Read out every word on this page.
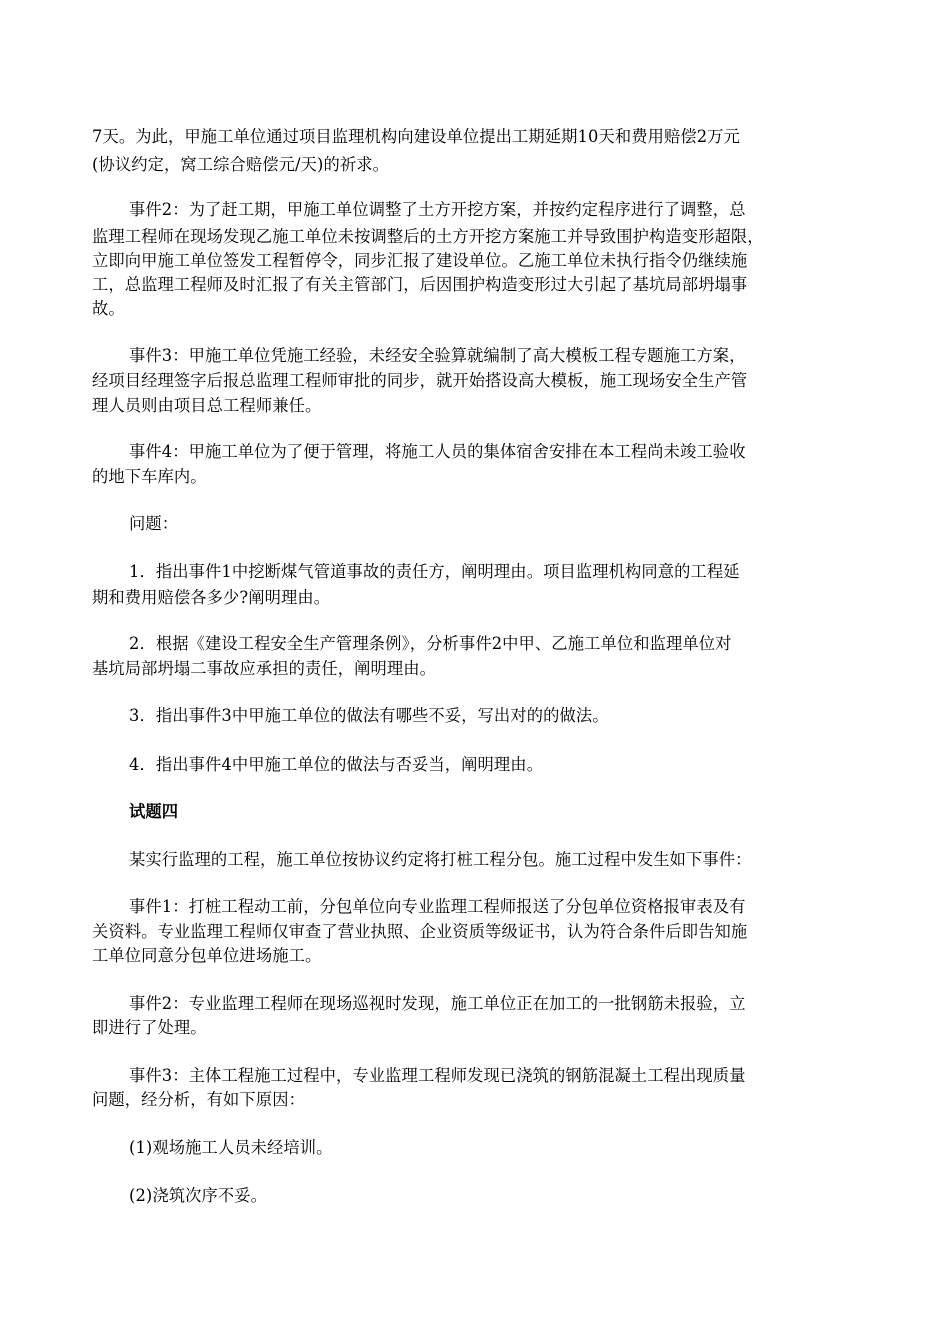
7天。为此，甲施工单位通过项目监理机构向建设单位提出工期延期10天和费用赔偿2万元
(协议约定，窝工综合赔偿元/天)的祈求。
事件2：为了赶工期，甲施工单位调整了土方开挖方案，并按约定程序进行了调整，总
监理工程师在现场发现乙施工单位未按调整后的土方开挖方案施工并导致围护构造变形超限，
立即向甲施工单位签发工程暂停令，同步汇报了建设单位。乙施工单位未执行指令仍继续施
工，总监理工程师及时汇报了有关主管部门，后因围护构造变形过大引起了基坑局部坍塌事
故。
事件3：甲施工单位凭施工经验，未经安全验算就编制了高大模板工程专题施工方案，
经项目经理签字后报总监理工程师审批的同步，就开始搭设高大模板，施工现场安全生产管
理人员则由项目总工程师兼任。
事件4：甲施工单位为了便于管理，将施工人员的集体宿舍安排在本工程尚未竣工验收
的地下车库内。
问题：
1．指出事件1中挖断煤气管道事故的责任方，阐明理由。项目监理机构同意的工程延
期和费用赔偿各多少?阐明理由。
2．根据《建设工程安全生产管理条例》，分析事件2中甲、乙施工单位和监理单位对
基坑局部坍塌二事故应承担的责任，阐明理由。
3．指出事件3中甲施工单位的做法有哪些不妥，写出对的的做法。
4．指出事件4中甲施工单位的做法与否妥当，阐明理由。
试题四
某实行监理的工程，施工单位按协议约定将打桩工程分包。施工过程中发生如下事件：
事件1：打桩工程动工前，分包单位向专业监理工程师报送了分包单位资格报审表及有
关资料。专业监理工程师仅审查了营业执照、企业资质等级证书，认为符合条件后即告知施
工单位同意分包单位进场施工。
事件2：专业监理工程师在现场巡视时发现，施工单位正在加工的一批钢筋未报验，立
即进行了处理。
事件3：主体工程施工过程中，专业监理工程师发现已浇筑的钢筋混凝土工程出现质量
问题，经分析，有如下原因：
(1)观场施工人员未经培训。
(2)浇筑次序不妥。
